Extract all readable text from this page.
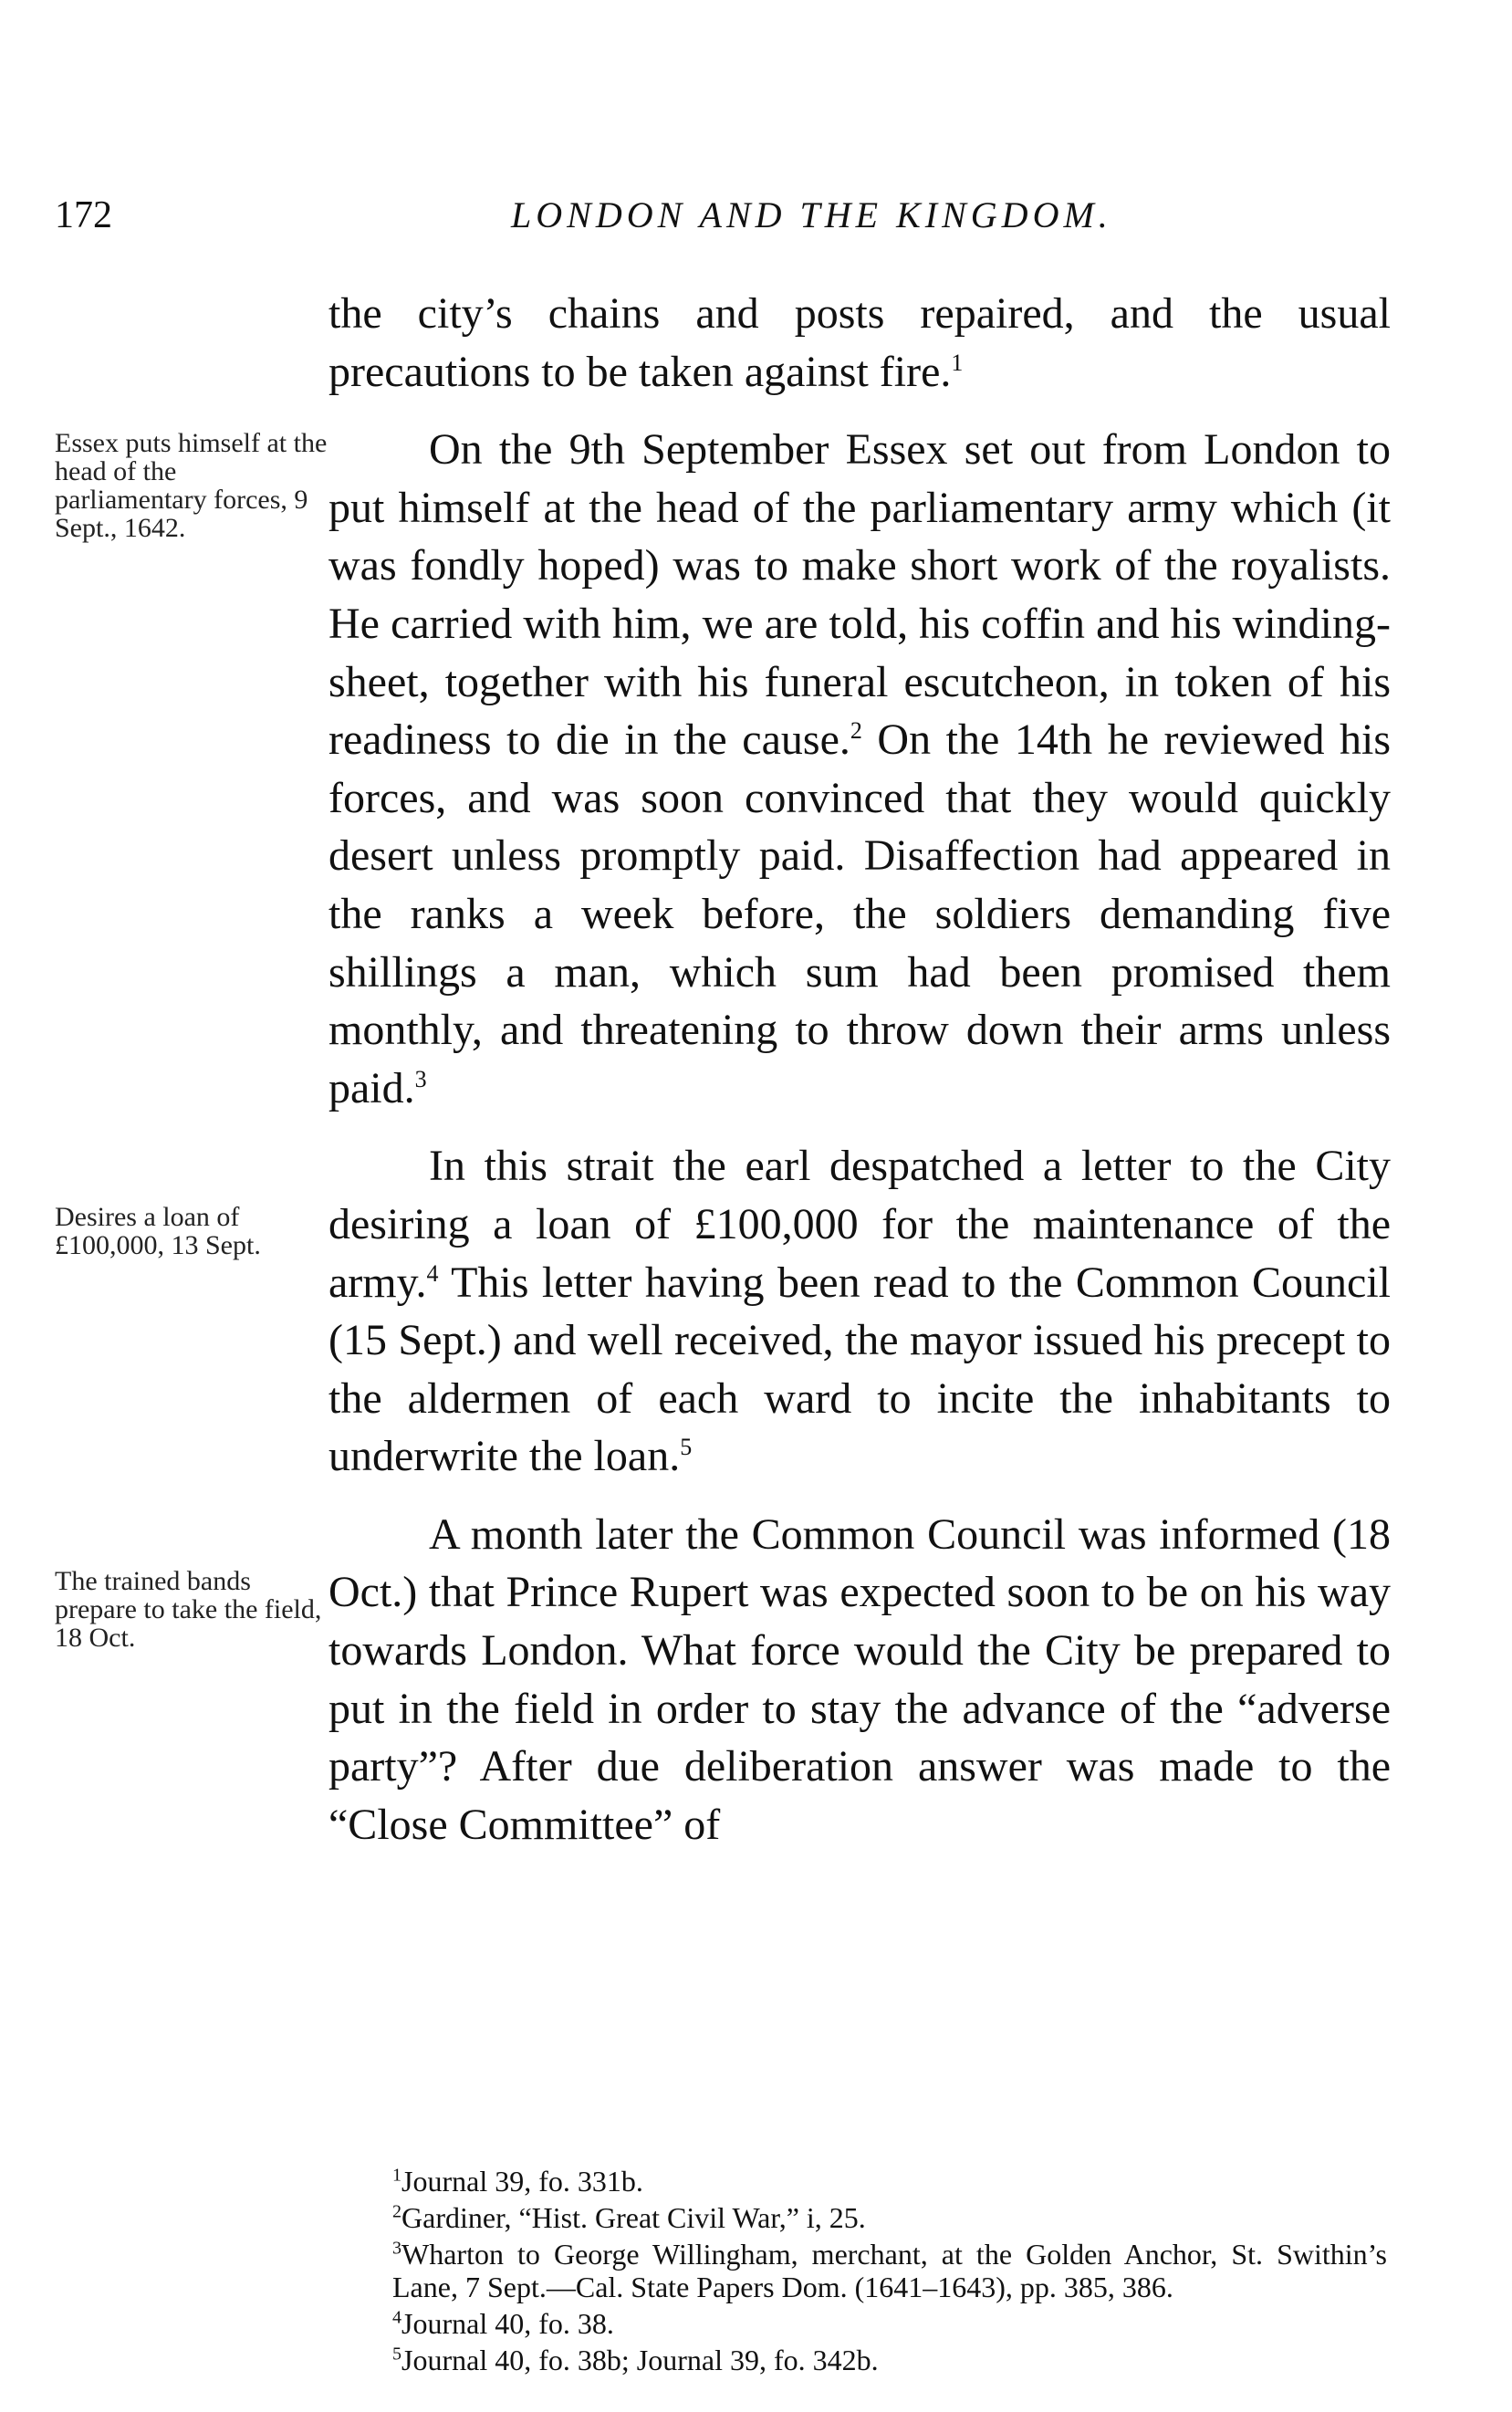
172	LONDON AND THE KINGDOM.
Essex puts himself at the head of the parliamentary forces, 9 Sept., 1642.
Desires a loan of £100,000, 13 Sept.
The trained bands prepare to take the field, 18 Oct.

the city’s chains and posts repaired, and the usual precautions to be taken against fire.$^1$

On the 9th September Essex set out from London to put himself at the head of the parliamentary army which (it was fondly hoped) was to make short work of the royalists. He carried with him, we are told, his coffin and his winding-sheet, together with his funeral escutcheon, in token of his readiness to die in the cause.$^2$ On the 14th he reviewed his forces, and was soon convinced that they would quickly desert unless promptly paid. Disaffection had appeared in the ranks a week before, the soldiers demanding five shillings a man, which sum had been promised them monthly, and threatening to throw down their arms unless paid.$^3$

In this strait the earl despatched a letter to the City desiring a loan of £100,000 for the maintenance of the army.$^4$ This letter having been read to the Common Council (15 Sept.) and well received, the mayor issued his precept to the aldermen of each ward to incite the inhabitants to underwrite the loan.$^5$

A month later the Common Council was informed (18 Oct.) that Prince Rupert was expected soon to be on his way towards London. What force would the City be prepared to put in the field in order to stay the advance of the “adverse party”? After due deliberation answer was made to the “Close Committee” of

$^1$Journal 39, fo. 331b.

$^2$Gardiner, “Hist. Great Civil War,” i, 25.

$^3$Wharton to George Willingham, merchant, at the Golden Anchor, St. Swithin’s Lane, 7 Sept.—Cal. State Papers Dom. (1641–1643), pp. 385, 386.

$^4$Journal 40, fo. 38.

$^5$Journal 40, fo. 38b; Journal 39, fo. 342b.
